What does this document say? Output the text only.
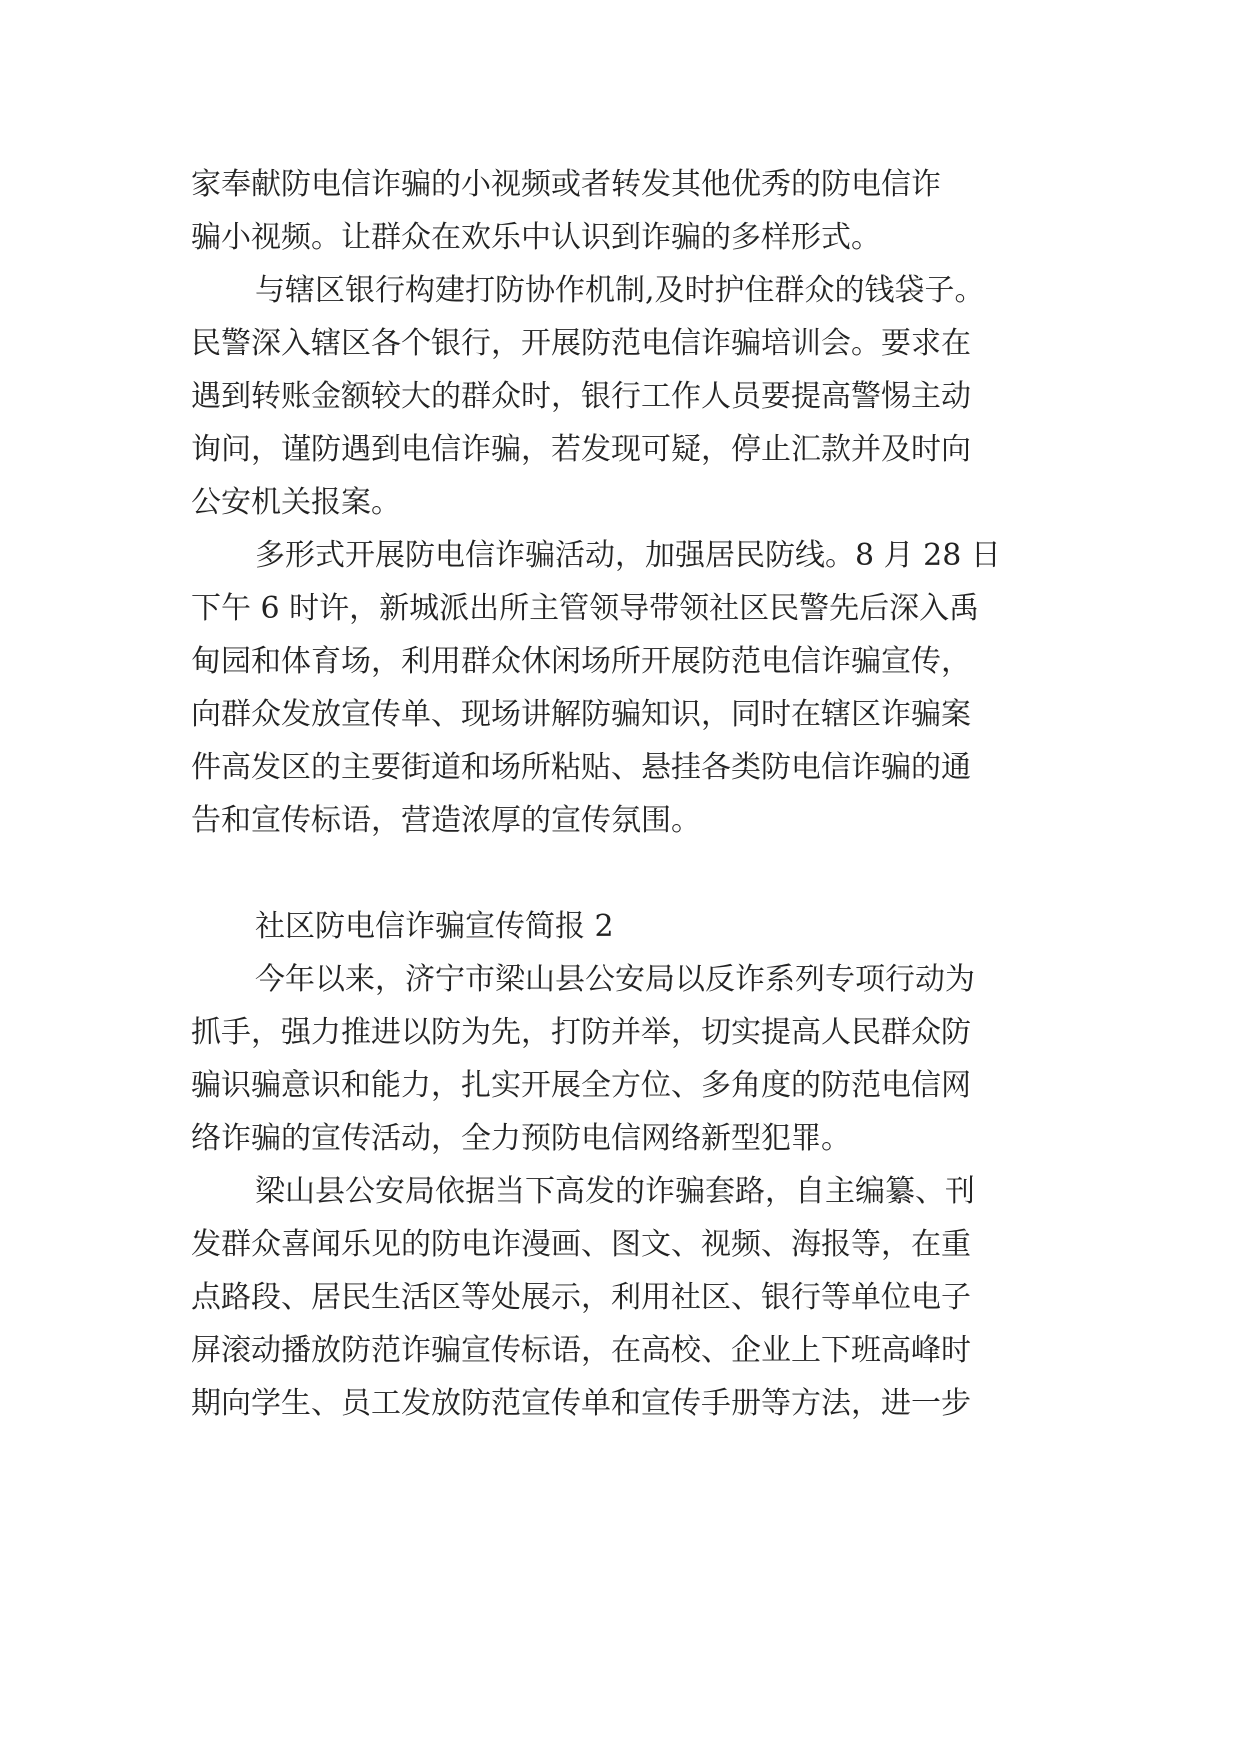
家奉献防电信诈骗的小视频或者转发其他优秀的防电信诈
骗小视频。让群众在欢乐中认识到诈骗的多样形式。
与辖区银行构建打防协作机制,及时护住群众的钱袋子。
民警深入辖区各个银行，开展防范电信诈骗培训会。要求在
遇到转账金额较大的群众时，银行工作人员要提高警惕主动
询问，谨防遇到电信诈骗，若发现可疑，停止汇款并及时向
公安机关报案。
多形式开展防电信诈骗活动，加强居民防线。8 月 28 日
下午 6 时许，新城派出所主管领导带领社区民警先后深入禹
甸园和体育场，利用群众休闲场所开展防范电信诈骗宣传，
向群众发放宣传单、现场讲解防骗知识，同时在辖区诈骗案
件高发区的主要街道和场所粘贴、悬挂各类防电信诈骗的通
告和宣传标语，营造浓厚的宣传氛围。
社区防电信诈骗宣传简报 2
今年以来，济宁市梁山县公安局以反诈系列专项行动为
抓手，强力推进以防为先，打防并举，切实提高人民群众防
骗识骗意识和能力，扎实开展全方位、多角度的防范电信网
络诈骗的宣传活动，全力预防电信网络新型犯罪。
梁山县公安局依据当下高发的诈骗套路，自主编纂、刊
发群众喜闻乐见的防电诈漫画、图文、视频、海报等，在重
点路段、居民生活区等处展示，利用社区、银行等单位电子
屏滚动播放防范诈骗宣传标语，在高校、企业上下班高峰时
期向学生、员工发放防范宣传单和宣传手册等方法，进一步
